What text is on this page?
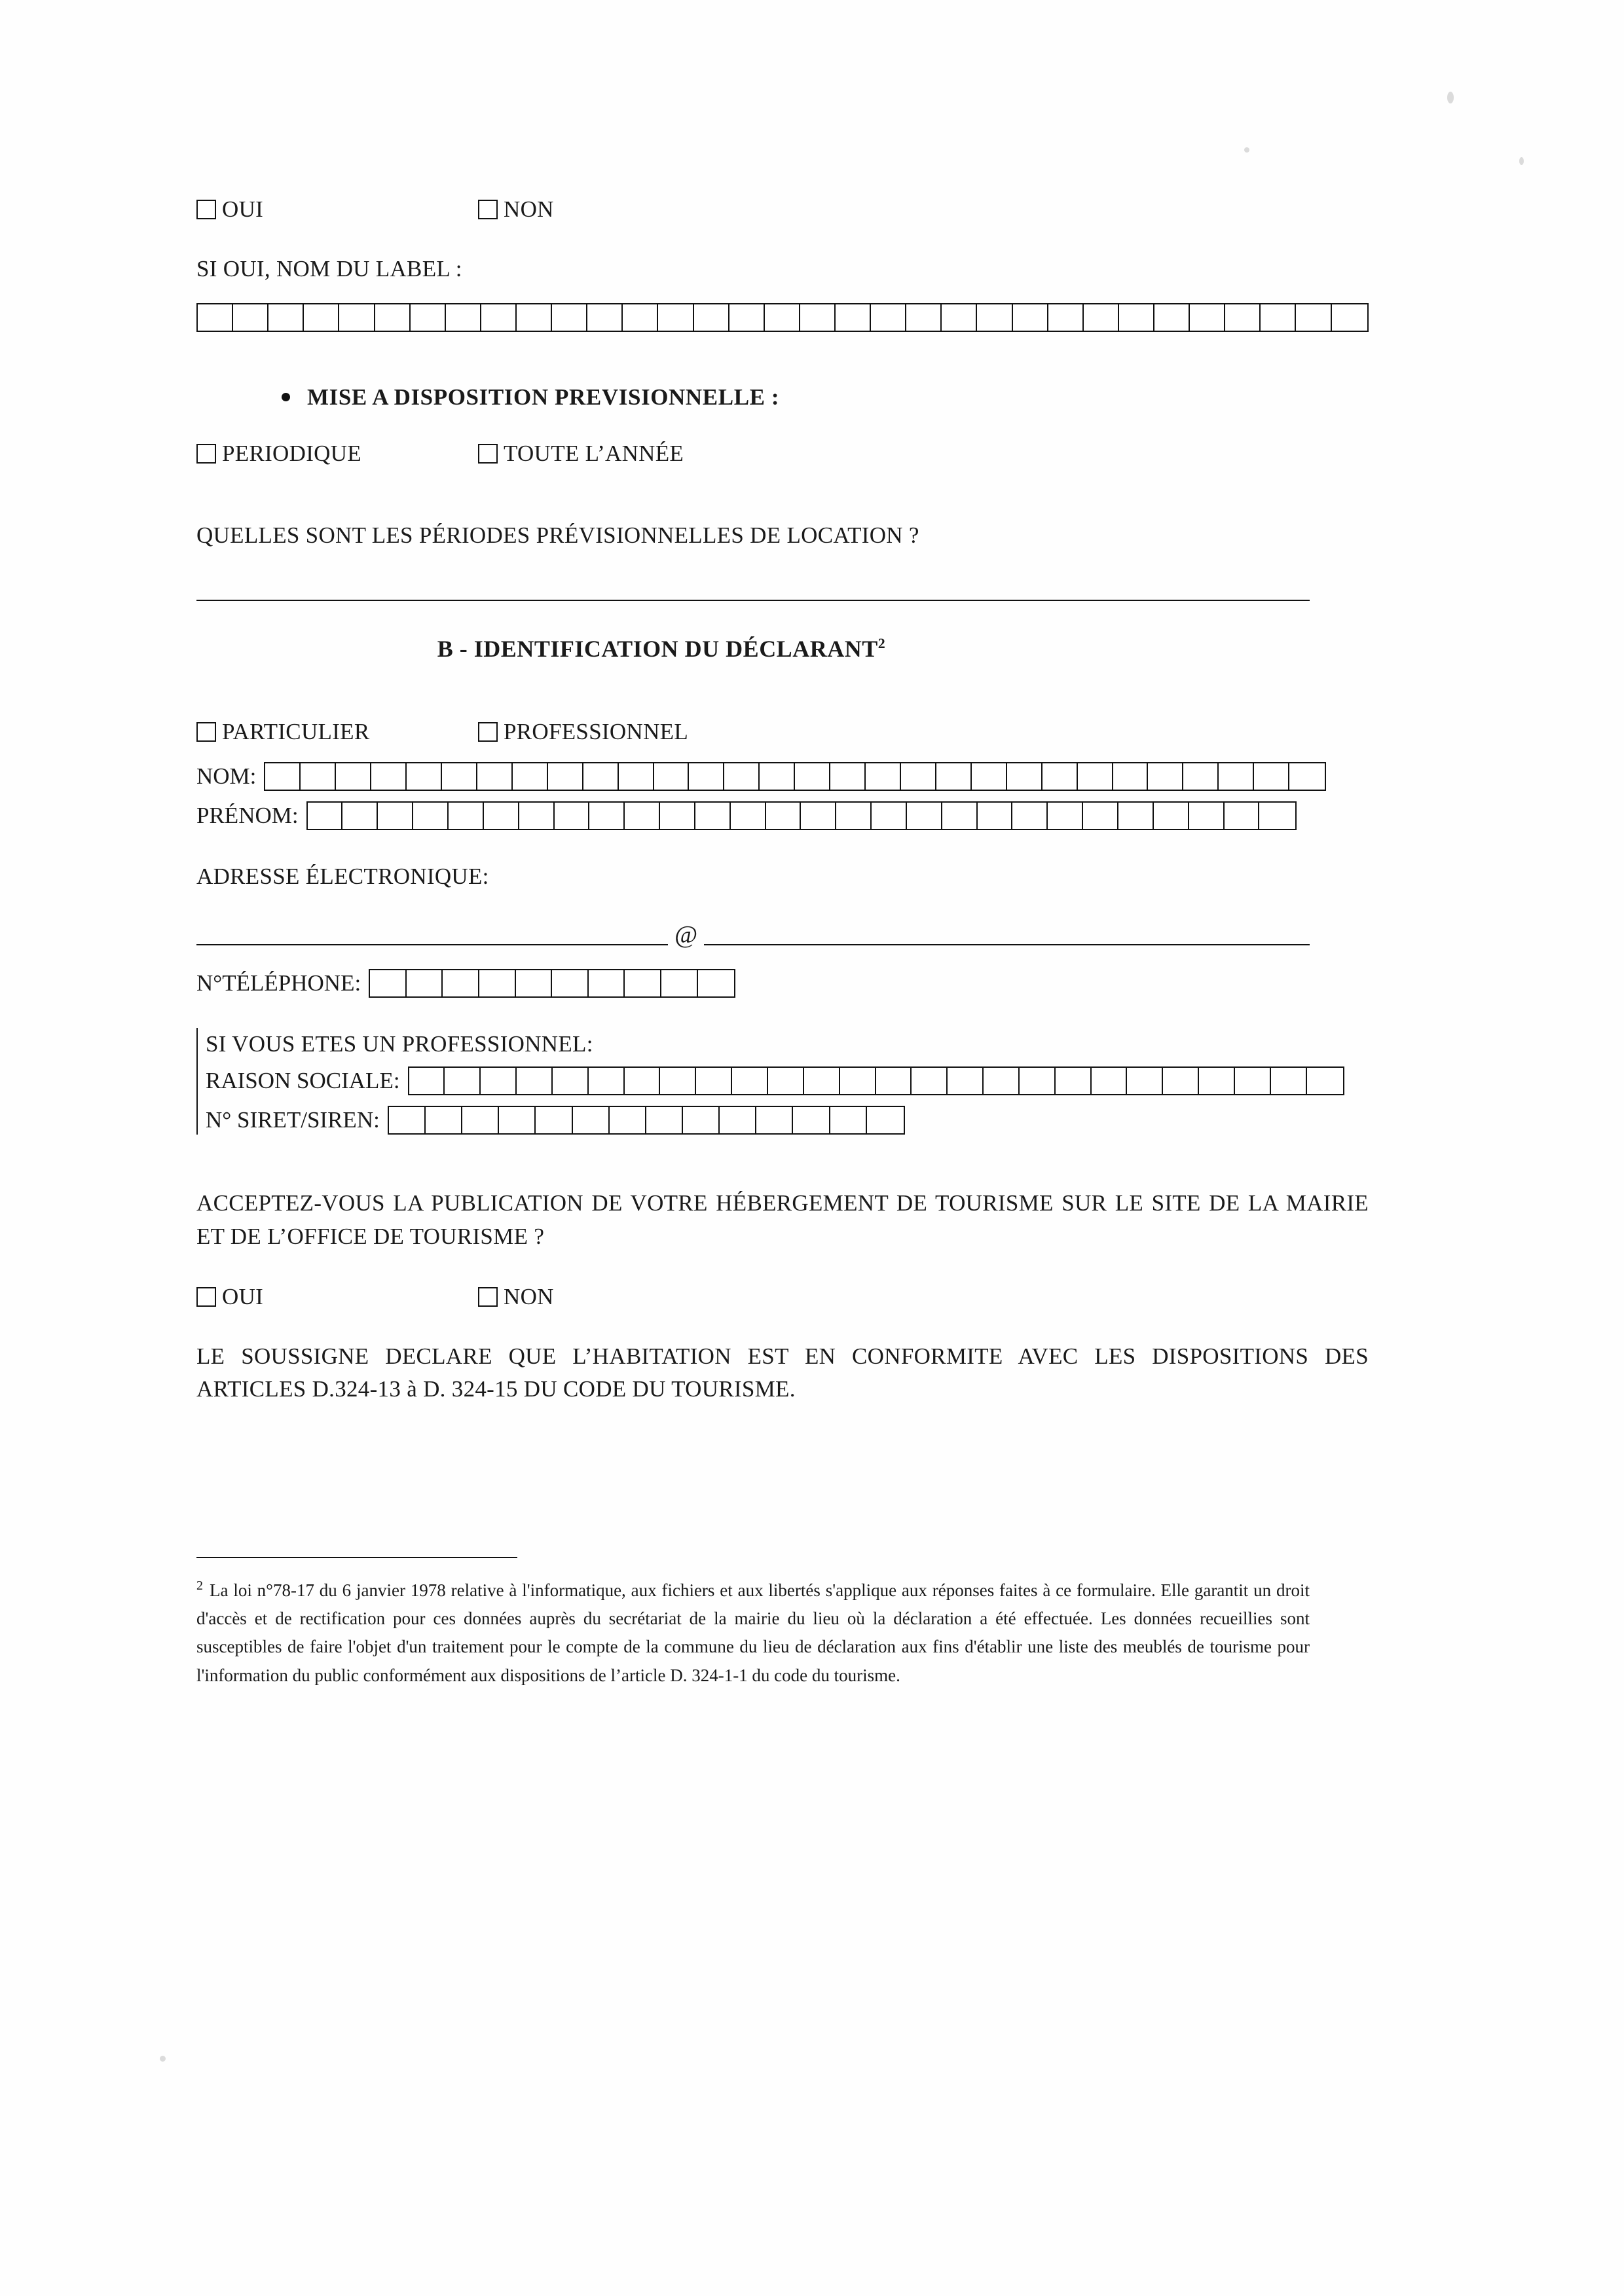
OUI	NON
SI OUI, NOM DU LABEL :
MISE A DISPOSITION PREVISIONNELLE :
PERIODIQUE	TOUTE L’ANNÉE
QUELLES SONT LES PÉRIODES PRÉVISIONNELLES DE LOCATION ?
B - IDENTIFICATION DU DÉCLARANT$^2$
PARTICULIER	PROFESSIONNEL
NOM:
PRÉNOM:
ADRESSE ÉLECTRONIQUE:
@
N°TÉLÉPHONE:
SI VOUS ETES UN PROFESSIONNEL:
RAISON SOCIALE:
N° SIRET/SIREN:
ACCEPTEZ-VOUS LA PUBLICATION DE VOTRE HÉBERGEMENT DE TOURISME SUR LE SITE DE LA MAIRIE ET DE L’OFFICE DE TOURISME ?
OUI	NON
LE SOUSSIGNE DECLARE QUE L’HABITATION EST EN CONFORMITE AVEC LES DISPOSITIONS DES ARTICLES D.324-13 à D. 324-15 DU CODE DU TOURISME.
$^2$ La loi n°78-17 du 6 janvier 1978 relative à l'informatique, aux fichiers et aux libertés s'applique aux réponses faites à ce formulaire. Elle garantit un droit d'accès et de rectification pour ces données auprès du secrétariat de la mairie du lieu où la déclaration a été effectuée. Les données recueillies sont susceptibles de faire l'objet d'un traitement pour le compte de la commune du lieu de déclaration aux fins d'établir une liste des meublés de tourisme pour l'information du public conformément aux dispositions de l’article D. 324-1-1 du code du tourisme.
